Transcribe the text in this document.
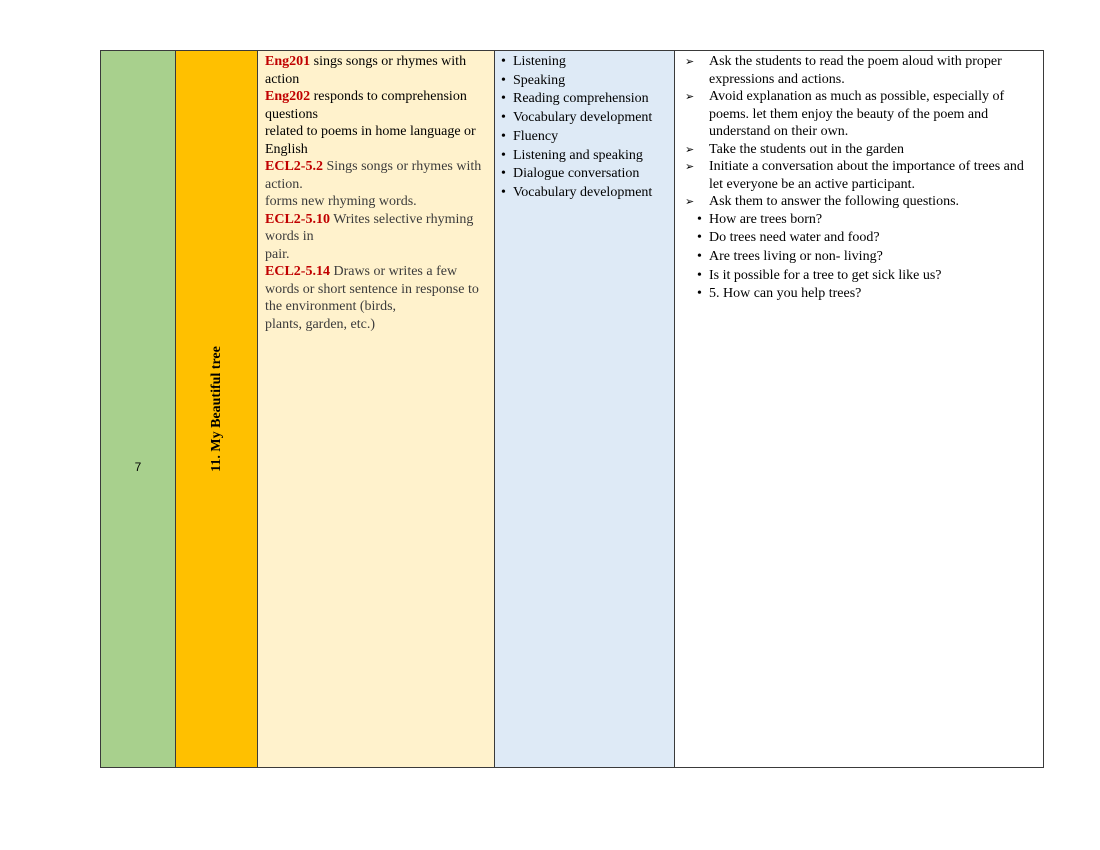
7	11. My Beautiful tree
Eng201 sings songs or rhymes with action
Eng202 responds to comprehension questions
related to poems in home language or English
ECL2-5.2 Sings songs or rhymes with action.
forms new rhyming words.
ECL2-5.10 Writes selective rhyming words in
pair.
ECL2-5.14 Draws or writes a few words or short sentence in response to the environment (birds,
plants, garden, etc.)
• Listening
• Speaking
• Reading comprehension
• Vocabulary development
• Fluency
• Listening and speaking
• Dialogue conversation
• Vocabulary development
➢ Ask the students to read the poem aloud with proper expressions and actions.
➢ Avoid explanation as much as possible, especially of poems. let them enjoy the beauty of the poem and understand on their own.
➢ Take the students out in the garden
➢ Initiate a conversation about the importance of trees and let everyone be an active participant.
➢ Ask them to answer the following questions.
• How are trees born?
• Do trees need water and food?
• Are trees living or non- living?
• Is it possible for a tree to get sick like us?
• 5. How can you help trees?
